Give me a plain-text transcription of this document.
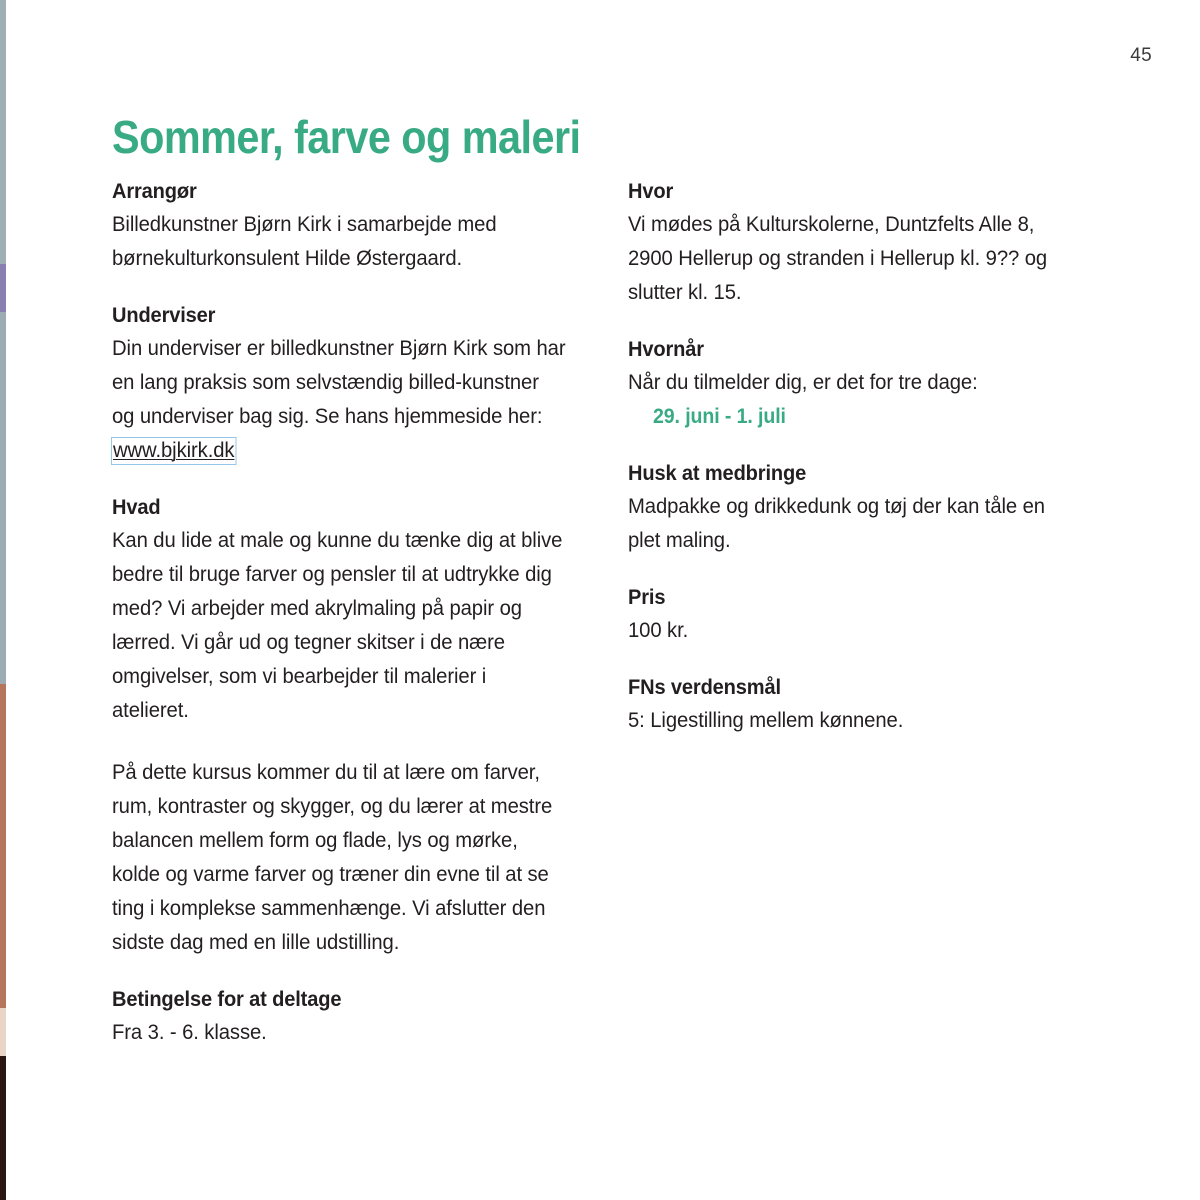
45
Sommer, farve og maleri
Arrangør

Billedkunstner Bjørn Kirk i samarbejde med børnekulturkonsulent Hilde Østergaard.

Underviser

Din underviser er billedkunstner Bjørn Kirk som har en lang praksis som selvstændig billed-kunstner og underviser bag sig. Se hans hjemmeside her: www.bjkirk.dk

Hvad

Kan du lide at male og kunne du tænke dig at blive bedre til bruge farver og pensler til at udtrykke dig med? Vi arbejder med akrylmaling på papir og lærred. Vi går ud og tegner skitser i de nære omgivelser, som vi bearbejder til malerier i atelieret.

På dette kursus kommer du til at lære om farver, rum, kontraster og skygger, og du lærer at mestre balancen mellem form og flade, lys og mørke, kolde og varme farver og træner din evne til at se ting i komplekse sammenhænge. Vi afslutter den sidste dag med en lille udstilling.

Betingelse for at deltage

Fra 3. - 6. klasse.

Hvor

Vi mødes på Kulturskolerne, Duntzfelts Alle 8, 2900 Hellerup og stranden i Hellerup kl. 9?? og slutter kl. 15.

Hvornår

Når du tilmelder dig, er det for tre dage:

29. juni - 1. juli
Husk at medbringe

Madpakke og drikkedunk og tøj der kan tåle en plet maling.

Pris

100 kr.

FNs verdensmål

5: Ligestilling mellem kønnene.
